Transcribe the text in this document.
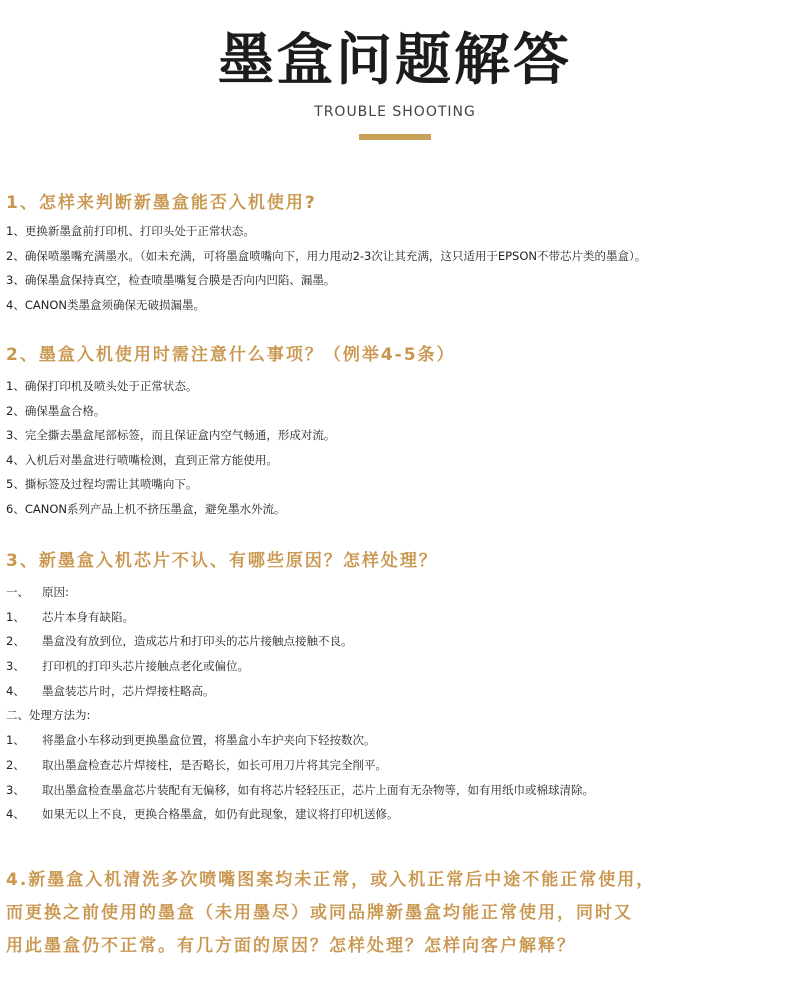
墨盒问题解答
TROUBLE SHOOTING
1、怎样来判断新墨盒能否入机使用?
1、更换新墨盒前打印机、打印头处于正常状态。
2、确保喷墨嘴充满墨水。（如未充满，可将墨盒喷嘴向下，用力甩动2-3次让其充满，这只适用于EPSON不带芯片类的墨盒）。
3、确保墨盒保持真空，检查喷墨嘴复合膜是否向内凹陷、漏墨。
4、CANON类墨盒须确保无破损漏墨。
2、墨盒入机使用时需注意什么事项？（例举4-5条）
1、确保打印机及喷头处于正常状态。
2、确保墨盒合格。
3、完全撕去墨盒尾部标签，而且保证盒内空气畅通，形成对流。
4、入机后对墨盒进行喷嘴检测，直到正常方能使用。
5、撕标签及过程均需让其喷嘴向下。
6、CANON系列产品上机不挤压墨盒，避免墨水外流。
3、新墨盒入机芯片不认、有哪些原因？怎样处理？
一、 原因:
1、 芯片本身有缺陷。
2、 墨盒没有放到位，造成芯片和打印头的芯片接触点接触不良。
3、 打印机的打印头芯片接触点老化或偏位。
4、 墨盒装芯片时，芯片焊接柱略高。
二、处理方法为:
1、 将墨盒小车移动到更换墨盒位置，将墨盒小车护夹向下轻按数次。
2、 取出墨盒检查芯片焊接柱，是否略长，如长可用刀片将其完全削平。
3、 取出墨盒检查墨盒芯片装配有无偏移，如有将芯片轻轻压正，芯片上面有无杂物等，如有用纸巾或棉球清除。
4、 如果无以上不良，更换合格墨盒，如仍有此现象，建议将打印机送修。
4.新墨盒入机清洗多次喷嘴图案均未正常，或入机正常后中途不能正常使用，
而更换之前使用的墨盒（未用墨尽）或同品牌新墨盒均能正常使用，同时又
用此墨盒仍不正常。有几方面的原因？怎样处理？怎样向客户解释？
